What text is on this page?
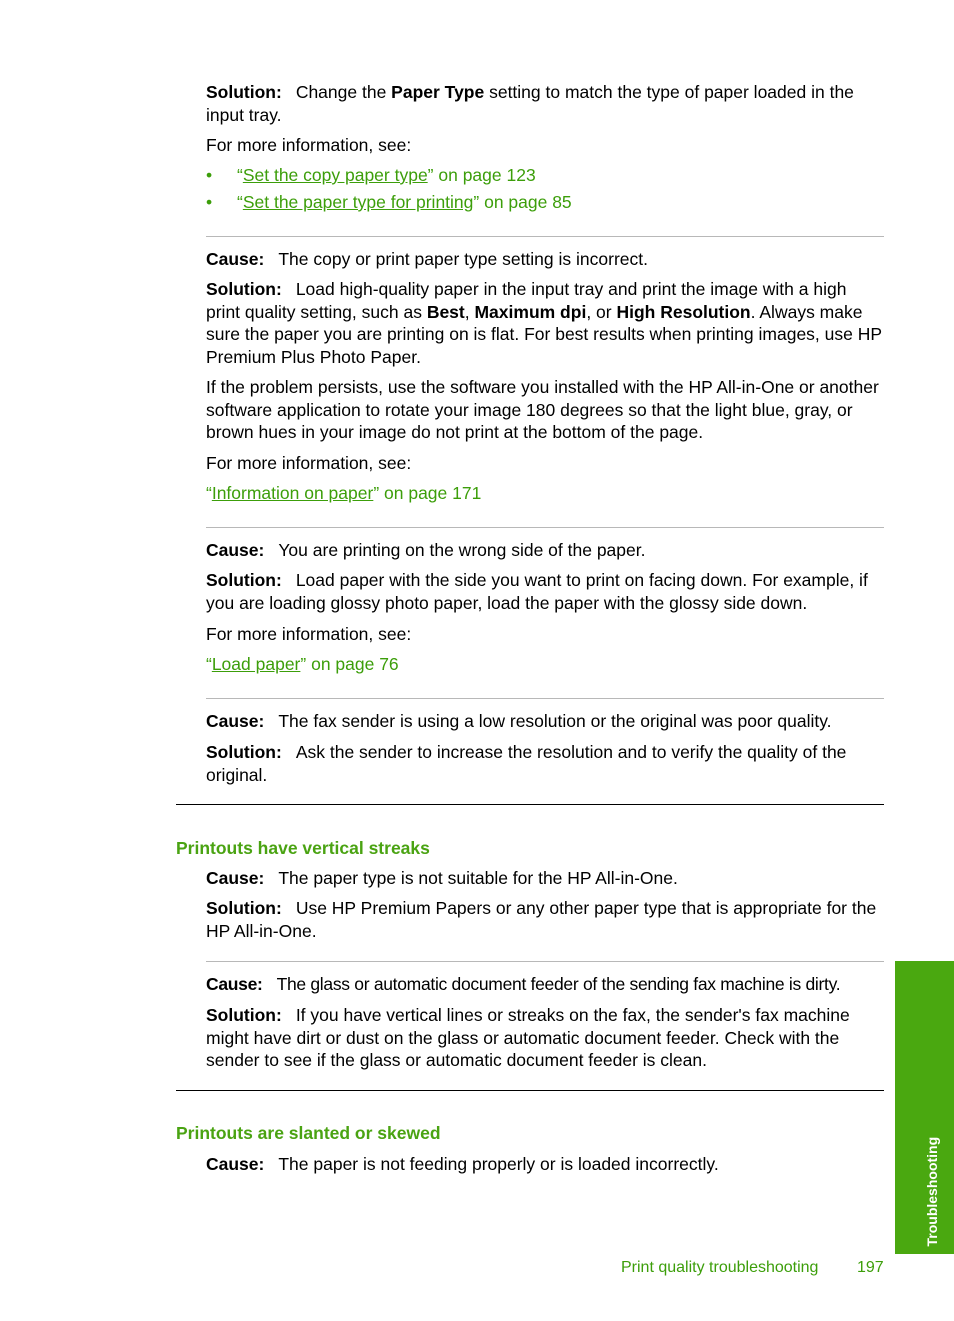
Solution: Change the Paper Type setting to match the type of paper loaded in the input tray.

For more information, see:
• “Set the copy paper type” on page 123
• “Set the paper type for printing” on page 85

Cause: The copy or print paper type setting is incorrect.

Solution: Load high-quality paper in the input tray and print the image with a high print quality setting, such as Best, Maximum dpi, or High Resolution. Always make sure the paper you are printing on is flat. For best results when printing images, use HP Premium Plus Photo Paper.

If the problem persists, use the software you installed with the HP All-in-One or another software application to rotate your image 180 degrees so that the light blue, gray, or brown hues in your image do not print at the bottom of the page.
For more information, see:
“Information on paper” on page 171

Cause: You are printing on the wrong side of the paper.

Solution: Load paper with the side you want to print on facing down. For example, if you are loading glossy photo paper, load the paper with the glossy side down.

For more information, see:
“Load paper” on page 76

Cause: The fax sender is using a low resolution or the original was poor quality.

Solution: Ask the sender to increase the resolution and to verify the quality of the original.

Printouts have vertical streaks

Cause: The paper type is not suitable for the HP All-in-One.

Solution: Use HP Premium Papers or any other paper type that is appropriate for the HP All-in-One.

Cause: The glass or automatic document feeder of the sending fax machine is dirty.

Solution: If you have vertical lines or streaks on the fax, the sender's fax machine might have dirt or dust on the glass or automatic document feeder. Check with the sender to see if the glass or automatic document feeder is clean.

Printouts are slanted or skewed

Cause: The paper is not feeding properly or is loaded incorrectly.	Troubleshooting
Print quality troubleshooting 197
